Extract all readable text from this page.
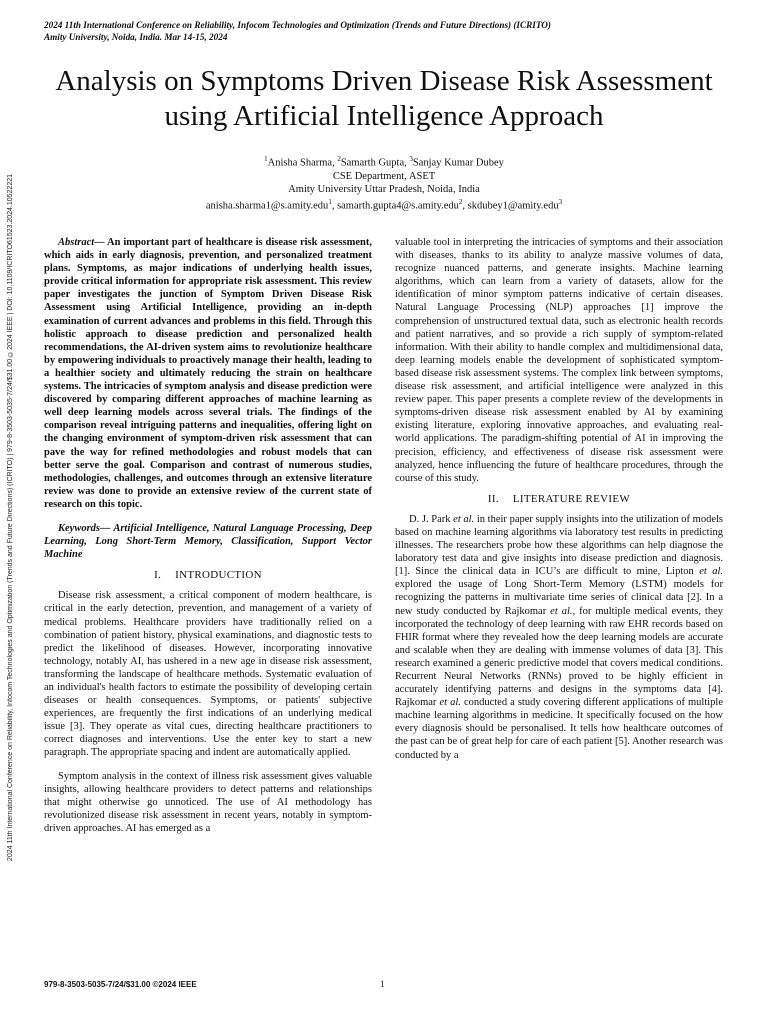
2024 11th International Conference on Reliability, Infocom Technologies and Optimization (Trends and Future Directions) (ICRITO)
Amity University, Noida, India. Mar 14-15, 2024
2024 11th International Conference on Reliability, Infocom Technologies and Optimization (Trends and Future Directions) (ICRITO) | 979-8-3503-5035-7/24/$31.00 ©2024 IEEE | DOI: 10.1109/ICRITO61523.2024.10522221
Analysis on Symptoms Driven Disease Risk Assessment using Artificial Intelligence Approach
$^1$Anisha Sharma, $^2$Samarth Gupta, $^3$Sanjay Kumar Dubey
CSE Department, ASET
Amity University Uttar Pradesh, Noida, India
anisha.sharma1@s.amity.edu$^1$, samarth.gupta4@s.amity.edu$^2$, skdubey1@amity.edu$^3$

Abstract— An important part of healthcare is disease risk assessment, which aids in early diagnosis, prevention, and personalized treatment plans. Symptoms, as major indications of underlying health issues, provide critical information for appropriate risk assessment. This review paper investigates the junction of Symptom Driven Disease Risk Assessment using Artificial Intelligence, providing an in-depth examination of current advances and problems in this field. Through this holistic approach to disease prediction and personalized health recommendations, the AI-driven system aims to revolutionize healthcare by empowering individuals to proactively manage their health, leading to a healthier society and ultimately reducing the strain on healthcare systems. The intricacies of symptom analysis and disease prediction were discovered by comparing different approaches of machine learning as well deep learning models across several trials. The findings of the comparison reveal intriguing patterns and inequalities, offering light on the changing environment of symptom-driven risk assessment that can pave the way for refined methodologies and robust models that can better serve the goal. Comparison and contrast of numerous studies, methodologies, challenges, and outcomes through an extensive literature review was done to provide an extensive review of the current state of research on this topic.

Keywords— Artificial Intelligence, Natural Language Processing, Deep Learning, Long Short-Term Memory, Classification, Support Vector Machine

I. INTRODUCTION

Disease risk assessment, a critical component of modern healthcare, is critical in the early detection, prevention, and management of a variety of medical problems. Healthcare providers have traditionally relied on a combination of patient history, physical examinations, and diagnostic tests to predict the likelihood of diseases. However, incorporating innovative technology, notably AI, has ushered in a new age in disease risk assessment, transforming the landscape of healthcare methods. Systematic evaluation of an individual's health factors to estimate the possibility of developing certain diseases or health consequences. Symptoms, or patients' subjective experiences, are frequently the first indications of an underlying medical issue [3]. They operate as vital cues, directing healthcare practitioners to correct diagnoses and interventions. Use the enter key to start a new paragraph. The appropriate spacing and indent are automatically applied.

Symptom analysis in the context of illness risk assessment gives valuable insights, allowing healthcare providers to detect patterns and relationships that might otherwise go unnoticed. The use of AI methodology has revolutionized disease risk assessment in recent years, notably in symptom-driven approaches. AI has emerged as a

valuable tool in interpreting the intricacies of symptoms and their association with diseases, thanks to its ability to analyze massive volumes of data, recognize nuanced patterns, and generate insights. Machine learning algorithms, which can learn from a variety of datasets, allow for the identification of minor symptom patterns indicative of certain diseases. Natural Language Processing (NLP) approaches [1] improve the comprehension of unstructured textual data, such as electronic health records and patient narratives, and so provide a rich supply of symptom-related information. With their ability to handle complex and multidimensional data, deep learning models enable the development of sophisticated symptom-based disease risk assessment systems. The complex link between symptoms, disease risk assessment, and artificial intelligence were analyzed in this review paper. This paper presents a complete review of the developments in symptoms-driven disease risk assessment enabled by AI by examining existing literature, exploring innovative approaches, and evaluating real-world applications. The paradigm-shifting potential of AI in improving the precision, efficiency, and effectiveness of disease risk assessment were analyzed, hence influencing the future of healthcare procedures, through the course of this study.

II. LITERATURE REVIEW

D. J. Park et al. in their paper supply insights into the utilization of models based on machine learning algorithms via laboratory test results in predicting illnesses. The researchers probe how these algorithms can help diagnose the laboratory test data and give insights into disease prediction and diagnosis. [1]. Since the clinical data in ICU’s are difficult to mine, Lipton et al. explored the usage of Long Short-Term Memory (LSTM) models for recognizing the patterns in multivariate time series of clinical data [2]. In a new study conducted by Rajkomar et al., for multiple medical events, they incorporated the technology of deep learning with raw EHR records based on FHIR format where they revealed how the deep learning models are accurate and scalable when they are dealing with immense volumes of data [3]. This research examined a generic predictive model that covers medical conditions. Recurrent Neural Networks (RNNs) proved to be highly efficient in accurately identifying patterns and designs in the symptoms data [4]. Rajkomar et al. conducted a study covering different applications of multiple machine learning algorithms in medicine. It specifically focused on the how every diagnosis should be personalised. It tells how healthcare outcomes of the past can be of great help for care of each patient [5]. Another research was conducted by a

979-8-3503-5035-7/24/$31.00 ©2024 IEEE	1
